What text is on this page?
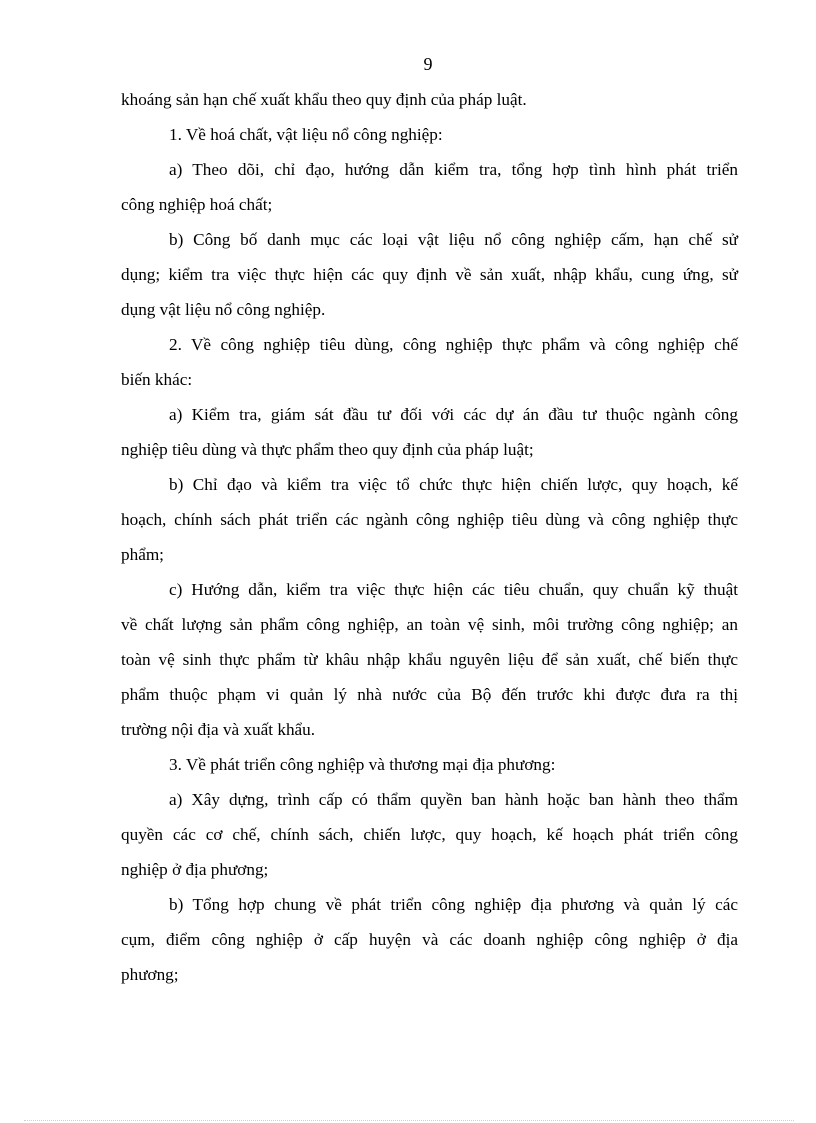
9
khoáng sản hạn chế xuất khẩu theo quy định của pháp luật.
1. Về hoá chất, vật liệu nổ công nghiệp:
a) Theo dõi, chỉ đạo, hướng dẫn kiểm tra, tổng hợp tình hình phát triển
công nghiệp hoá chất;
b) Công bố danh mục các loại vật liệu nổ công nghiệp cấm, hạn chế sử
dụng; kiểm tra việc thực hiện các quy định về sản xuất, nhập khẩu, cung ứng, sử
dụng vật liệu nổ công nghiệp.
2. Về công nghiệp tiêu dùng, công nghiệp thực phẩm và công nghiệp chế
biến khác:
a) Kiểm tra, giám sát đầu tư đối với các dự án đầu tư thuộc ngành công
nghiệp tiêu dùng và thực phẩm theo quy định của pháp luật;
b) Chỉ đạo và kiểm tra việc tổ chức thực hiện chiến lược, quy hoạch, kế
hoạch, chính sách phát triển các ngành công nghiệp tiêu dùng và công nghiệp thực
phẩm;
c) Hướng dẫn, kiểm tra việc thực hiện các tiêu chuẩn, quy chuẩn kỹ thuật
về chất lượng sản phẩm công nghiệp, an toàn vệ sinh, môi trường công nghiệp; an
toàn vệ sinh thực phẩm từ khâu nhập khẩu nguyên liệu để sản xuất, chế biến thực
phẩm thuộc phạm vi quản lý nhà nước của Bộ đến trước khi được đưa ra thị
trường nội địa và xuất khẩu.
3. Về phát triển công nghiệp và thương mại địa phương:
a) Xây dựng, trình cấp có thẩm quyền ban hành hoặc ban hành theo thẩm
quyền các cơ chế, chính sách, chiến lược, quy hoạch, kế hoạch phát triển công
nghiệp ở địa phương;
b) Tổng hợp chung về phát triển công nghiệp địa phương và quản lý các
cụm, điểm công nghiệp ở cấp huyện và các doanh nghiệp công nghiệp ở địa
phương;
